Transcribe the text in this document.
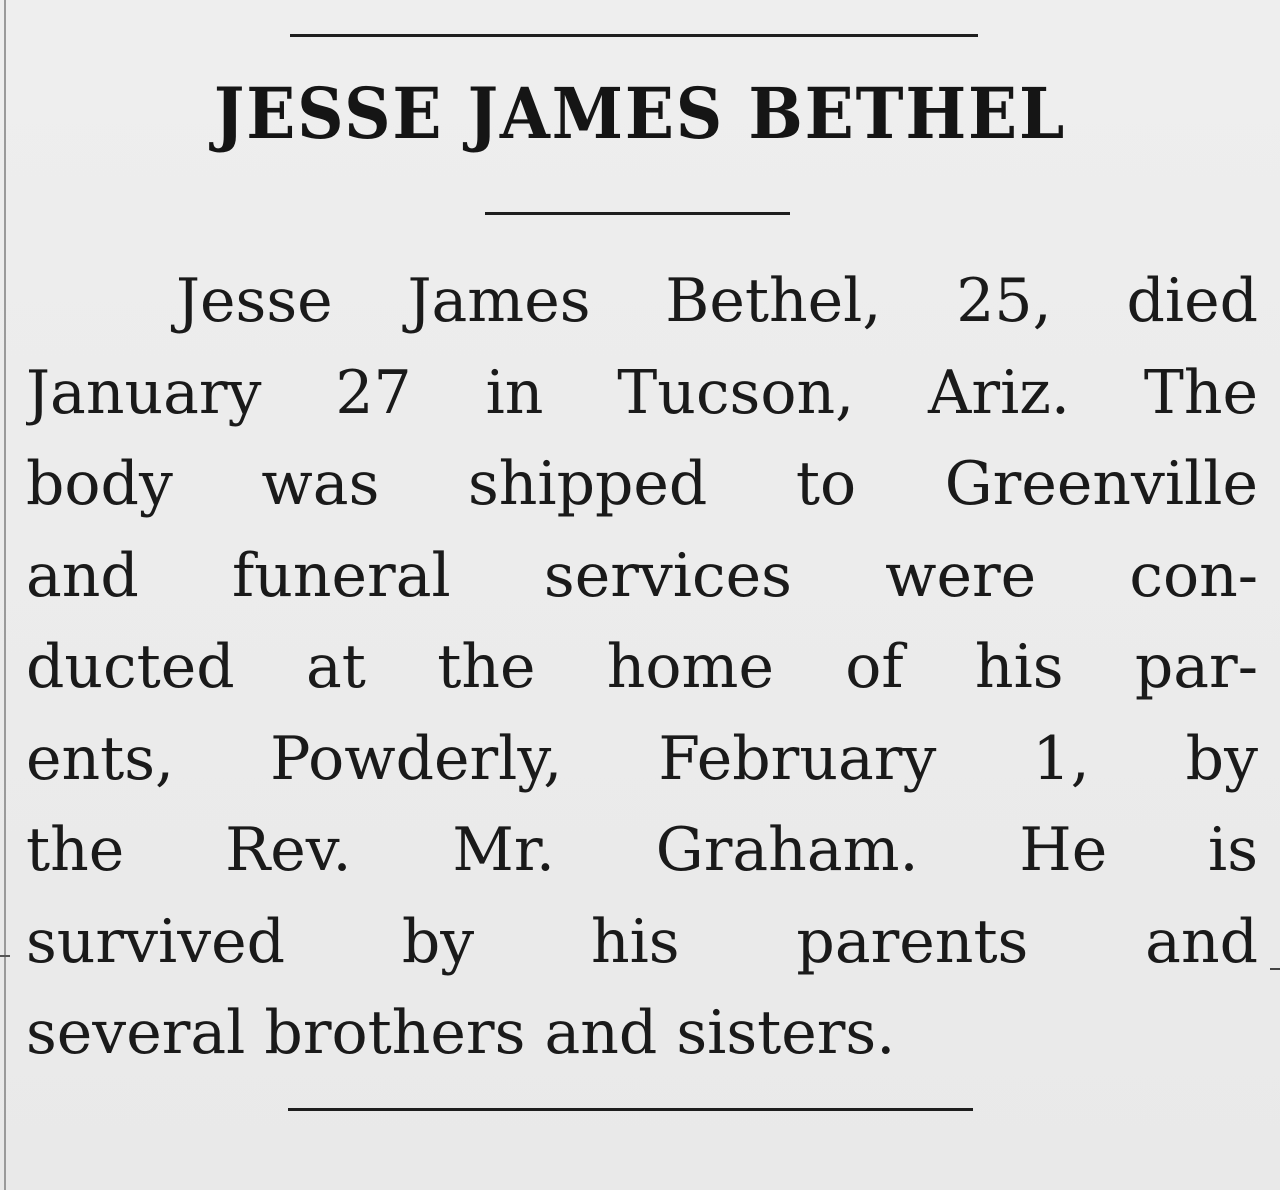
JESSE JAMES BETHEL
Jesse James Bethel, 25, died
January 27 in Tucson, Ariz. The
body was shipped to Greenville
and funeral services were con-
ducted at the home of his par-
ents, Powderly, February 1, by
the Rev. Mr. Graham. He is
survived by his parents and
several brothers and sisters.
